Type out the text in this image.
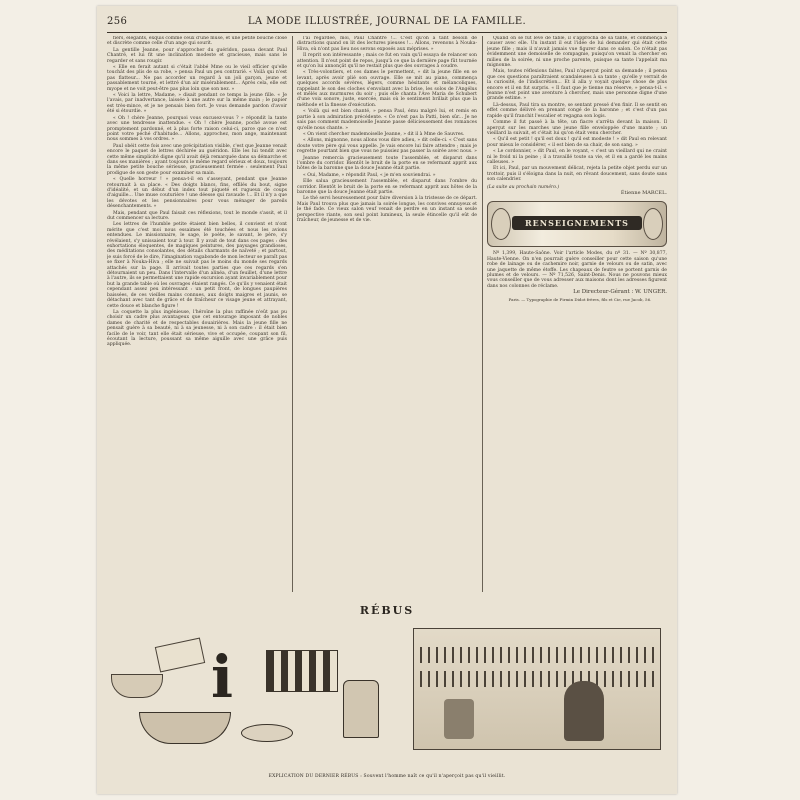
256	LA MODE ILLUSTRÉE, JOURNAL DE LA FAMILLE.

fiers, élégants, exquis comme ceux d'une muse, et une petite bouche close et discrète comme celle d'un ange qui sourit.

La gentille Jeanne, pour s'approcher du guéridon, passa devant Paul Chantré, et lui fit une inclination modeste et gracieuse, mais sans le regarder et sans rougir.

« Elle en ferait autant si c'était l'abbé Mme ou le vieil officier qu'elle touchât des plis de sa robe, » pensa Paul un peu contrarié. « Voilà qui n'est pas flatteur... Ne pas accorder un regard à un joli garçon, jeune et passablement tourné, et lettré d'un air misérablement... Après cela, elle est myope et ne voit peut-être pas plus loin que son nez. »

« Voici la lettre, Madame, » disait pendant ce temps la jeune fille. « Je l'avais, par inadvertance, laissée à une autre sur la même main ; le papier est très-mince, et je ne pensais bien fort. Je vous demande pardon d'avoir été si étourdie. »

« Oh ! chère Jeanne, pourquoi vous excusez-vous ? » répondit la tante avec une tendresse inattendue. « Oh ! chère Jeanne, poché avoue est promptement pardonné, et à plus forte raison celui-ci, parce que ce n'est point votre péché d'habitude... Allons, approchez, mon ange, maintenant nous sommes à vos ordres. »

Paul obéit cette fois avec une précipitation visible, c'est que Jeanne venait encore le paquet de lettres déchirée au guéridon. Elle les lui tendit avec cette même simplicité digne qu'il avait déjà remarquée dans sa démarche et dans ses manières ; ayant toujours le même regard sérieux et doux, toujours la même petite bouche sérieuse, gracieusement fermée : seulement Paul prodigue de son geste pour examiner sa main.

« Quelle horreur ! » pensa-t-il en s'asseyant, pendant que Jeanne retournait à sa place. « Des doigts blancs, fins, effilés du bout, signe d'idéalité, et un début d'un index tout piqueté et rugueux de coups d'aiguille... Une muse couturière ! une déesse qui ravaude !... Et il n'y a que les dévotes et les pensionnaires pour vous ménager de pareils désenchantements. »

Mais, pendant que Paul faisait ces réflexions, tout le monde s'assit, et il dut commencer sa lecture.

Les lettres de l'humble petite étaient bien belles, il convient et n'ont mérite que c'est moi nous essaimes été touchées et nous les avions entendues. Le missionnaire, le sage, le poète, le savant, le père, s'y révélaient, s'y unissaient tour à tour. Il y avait de tout dans ces pages : des exhortations éloquentes, de magiques peintures, des paysages grandioses, des méditations consolantes, des détails charmants de naïveté ; et partout, je suis forcé de le dire, l'imagination vagabonde de mon lecteur se paraît pas se fixer à Nouka-Hiva ; elle ne suivait pas le moins du monde ses regards attachés sur la page. Il arrivait toutes parties que ces regards s'en détournaient un peu. Dans l'intervalle d'un alinéa, d'un feuillet, d'une lettre à l'autre, ils se permettaient une rapide excursion ayant invariablement pour but la grande table où les ouvrages étaient rangés. Ce qu'ils y venaient était cependant assez peu intéressant : un petit front, de longues paupières baissées, de ces vieilles mains connues, aux doigts maigres et jaunis, se détachant avec tant de grâce et de fraîcheur ce visage jeune et attrayant, cette douce et blanche figure !

La coquette la plus ingénieuse, l'héroïne la plus raffinée n'eût pas pu choisir un cadre plus avantageux que cet entourage imposant de nobles dames de charité et de respectables douairières. Mais la jeune fille ne pensait guère à sa beauté, ni à sa jeunesse, ni à son cadre : il était bien facile de le voir, tant elle était sérieuse, vive et occupée, coupant son fil, écoutant la lecture, poussant sa même aiguille avec une grâce puis appliquée.

l'ai regardée, moi, Paul Chantré !... C'est qu'on a tant besoin de distractions quand on lit des lectures pieuses !... Allons, revenons à Nouka-Hiva, où n'ont pas lieu nos serons exposés aux méprises. »

Il reprit son intéressante ; mais ce fut en vain qu'il essaya de relancer son attention. Il n'eut point de repos, jusqu'à ce que la dernière page fût tournée et qu'on lui annonçât qu'il ne restait plus que des ouvrages à coudre.

« Très-volontiers, et ces dames le permettent, » dit la jeune fille en se levant, après avoir plié son ouvrage. Elle se mit au piano, commença quelques accords sévères, légers, comme hésitants et mélancoliques, rappelant le son des cloches s'envolant avec la brise, les solos de l'Angélus et mêlés aux murmures du soir ; puis elle chanta l'Ave Maria de Schubert d'une voix sonore, juste, exercée, mais où le sentiment brillait plus que la méthode et la finesse d'exécution.

« Voilà qui est bien chanté, » pensa Paul, ému malgré lui, et remis en partie à son admiration précédente. « Ce n'est pas la Patti, bien sûr... Je ne sais pas comment mademoiselle Jeanne passe délicieusement des romances qu'elle nous chante. »

« On vient chercher mademoiselle Jeanne, » dit il à Mme de Sauvres.

« Allons, mignonne, nous allons vous dire adieu, » dit celle-ci. « C'est sans doute votre père qui vous appelle. Je vais encore lui faire attendre ; mais je regrette pourtant bien que vous ne puissiez pas passer la soirée avec nous. »

Jeanne remercia gracieusement toute l'assemblée, et disparut dans l'ombre du corridor. Bientôt le bruit de la porte en se refermant apprit aux hôtes de la baronne que la douce Jeanne était partie.

« Oui, Madame, » répondit Paul, « je m'en souviendrai. »

Elle salua gracieusement l'assemblée, et disparut dans l'ombre du corridor. Bientôt le bruit de la porte en se refermant apprit aux hôtes de la baronne que la douce Jeanne était partie.

Le thé servi heureusement pour faire diversion à la tristesse de ce départ. Mais Paul trouva plus que jamais la soirée longue, les convives ennuyeux et le thé fade. Ce vieux salon veuf venait de perdre en un instant sa seule perspective riante, son seul point lumineux, la seule étincelle qu'il eût de fraîcheur, de jeunesse et de vie.

Quand on se fut levé de table, il s'approcha de sa tante, et commença à causer avec elle. Un instant il eut l'idée de lui demander qui était cette jeune fille ; mais il n'avait jamais vue figurer dans ce salon. Ce n'était pas évidemment une demoiselle de compagnie, puisqu'on venait la chercher en milieu de la soirée, ni une proche parente, puisque sa tante l'appelait ma mignonne.

Mais, toutes réflexions faites, Paul n'aperçut point sa demande ; il pensa que ces questions paraîtraient scandaleuses à sa tante ; qu'elle y verrait de la curiosité, de l'indiscrétion... Et il alla y voyait quelque chose de plus encore et il en fut surpris. « Il faut que je tienne ma réserve, » pensa-t-il. « Jeanne n'est point une aventure à chercher, mais une personne digne d'une grande estime. »

Là-dessus, Paul tira sa montre, se sentant pressé d'en finir. Il se sentit en effet comme délivré en prenant congé de la baronne ; et c'est d'un pas rapide qu'il franchit l'escalier et regagna son logis.

Comme il fut passé à la tête, un fiacre s'arrêta devant la maison. Il aperçut sur les marches une jeune fille enveloppée d'une mante ; un vieillard la suivait, et c'était lui qu'on était venu chercher.

« Qu'il est petit ! qu'il est doux ! qu'il est modeste ! » dit Paul en relevant pour mieux le considérer, « il est bien de sa chair, de son sang. »

« Le cordonnier, » dit Paul, en le voyant, « c'est un vieillard qui ne craint ni le froid ni la peine ; il a travaillé toute sa vie, et il en a gardé les mains calleuses. »

Et ici, Paul, par un mouvement délicat, rejeta la petite objet perdu sur un trottoir, puis il s'éloigna dans la nuit, en rêvant doucement, sans doute sans son calendrier.

(La suite au prochain numéro.)

Étienne MARCEL.

RENSEIGNEMENTS

Nº 1,399, Haute-Saône. Voir l'article Modes, du nº 31. — Nº 30,877, Haute-Vienne. On n'en pourrait guère conseiller pour cette saison qu'une robe de lainage ou de cachemire noir, garnie de velours ou de satin, avec une jaquette de même étoffe. Les chapeaux de feutre se portent garnis de plumes et de velours. — Nº 71,526, Saint-Denis. Nous ne pouvons mieux vous conseiller que de vous adresser aux maisons dont les adresses figurent dans nos colonnes de réclame.

Le Directeur-Gérant : W. UNGER.

Paris. — Typographie de Firmin Didot frères, fils et Cie, rue Jacob, 56.

RÉBUS
i
EXPLICATION DU DERNIER RÉBUS : Souvent l'homme naît ce qu'il n'aperçoit pas qu'il vieillit.
